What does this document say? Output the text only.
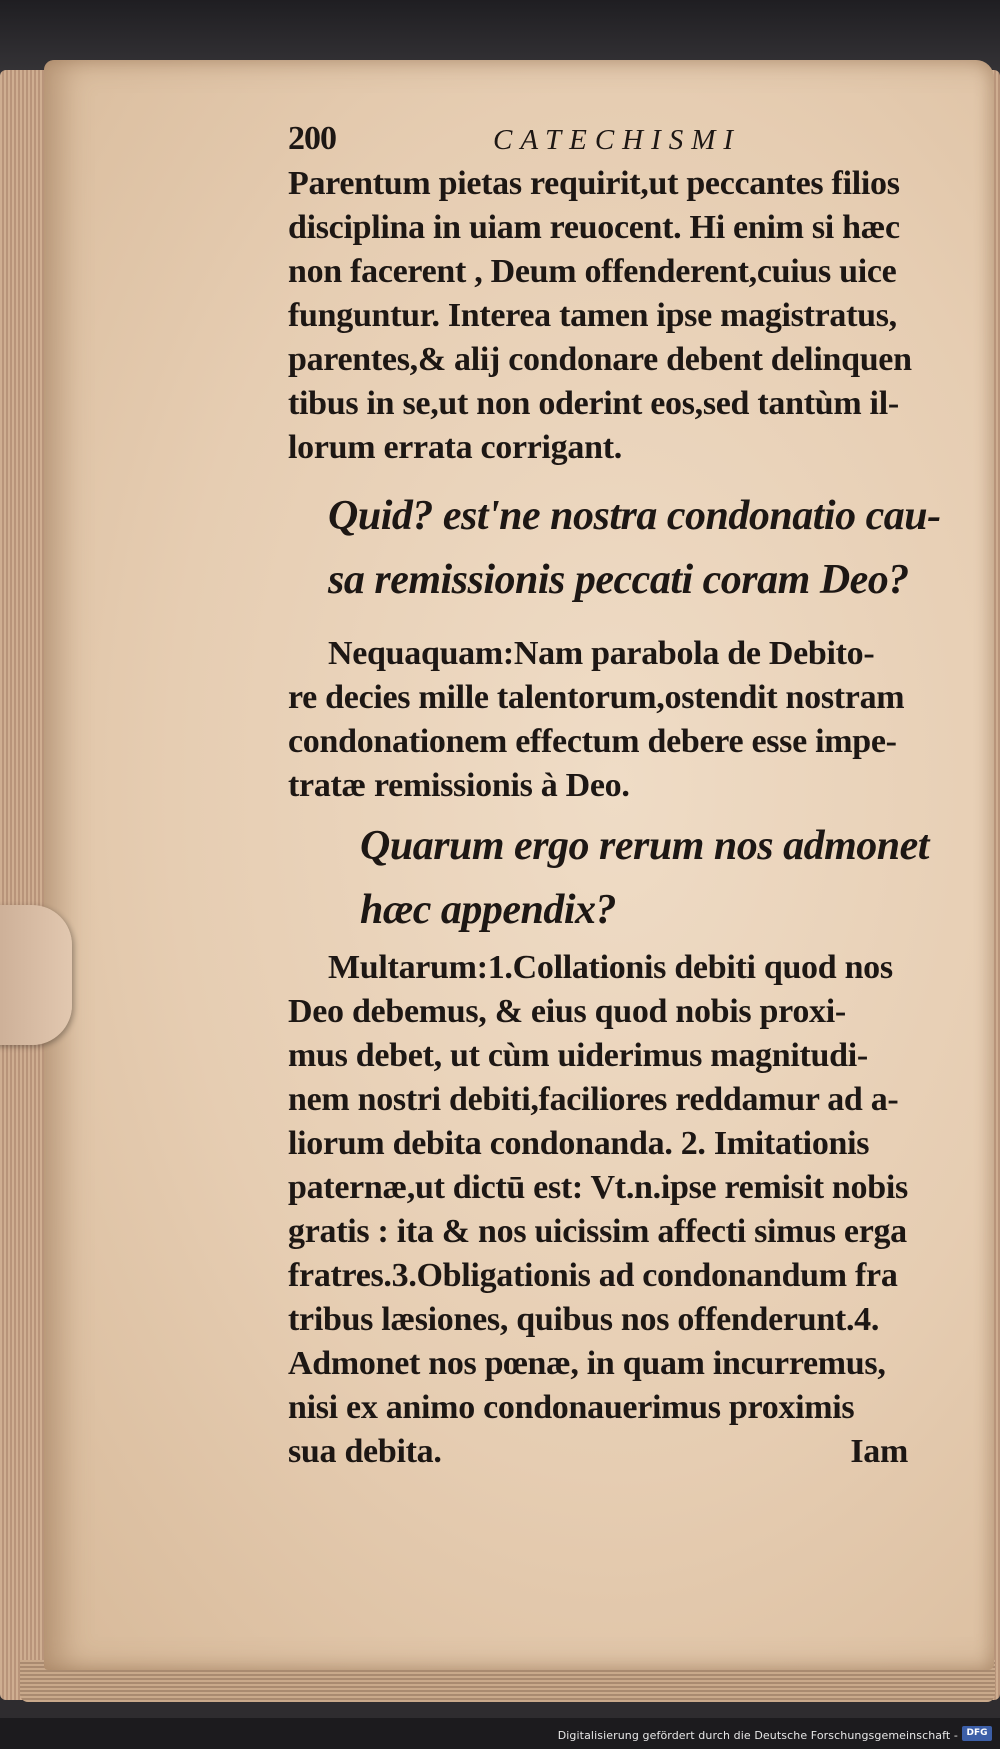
200	CATECHISMI
Parentum pietas requirit,ut peccantes filios
disciplina in uiam reuocent. Hi enim si hæc
non facerent , Deum offenderent,cuius uice
funguntur. Interea tamen ipse magistratus,
parentes,& alij condonare debent delinquen
tibus in se,ut non oderint eos,sed tantùm il-
lorum errata corrigant.
Quid? est'ne nostra condonatio cau-
sa remissionis peccati coram Deo?
Nequaquam:Nam parabola de Debito-
re decies mille talentorum,ostendit nostram
condonationem effectum debere esse impe-
tratæ remissionis à Deo.
Quarum ergo rerum nos admonet
hæc appendix?
Multarum:1.Collationis debiti quod nos
Deo debemus, & eius quod nobis proxi-
mus debet, ut cùm uiderimus magnitudi-
nem nostri debiti,faciliores reddamur ad a-
liorum debita condonanda. 2. Imitationis
paternæ,ut dictū est: Vt.n.ipse remisit nobis
gratis : ita & nos uicissim affecti simus erga
fratres.3.Obligationis ad condonandum fra
tribus læsiones, quibus nos offenderunt.4.
Admonet nos pœnæ, in quam incurremus,
nisi ex animo condonauerimus proximis
sua debita.	Iam
Digitalisierung gefördert durch die Deutsche Forschungsgemeinschaft - DFG
